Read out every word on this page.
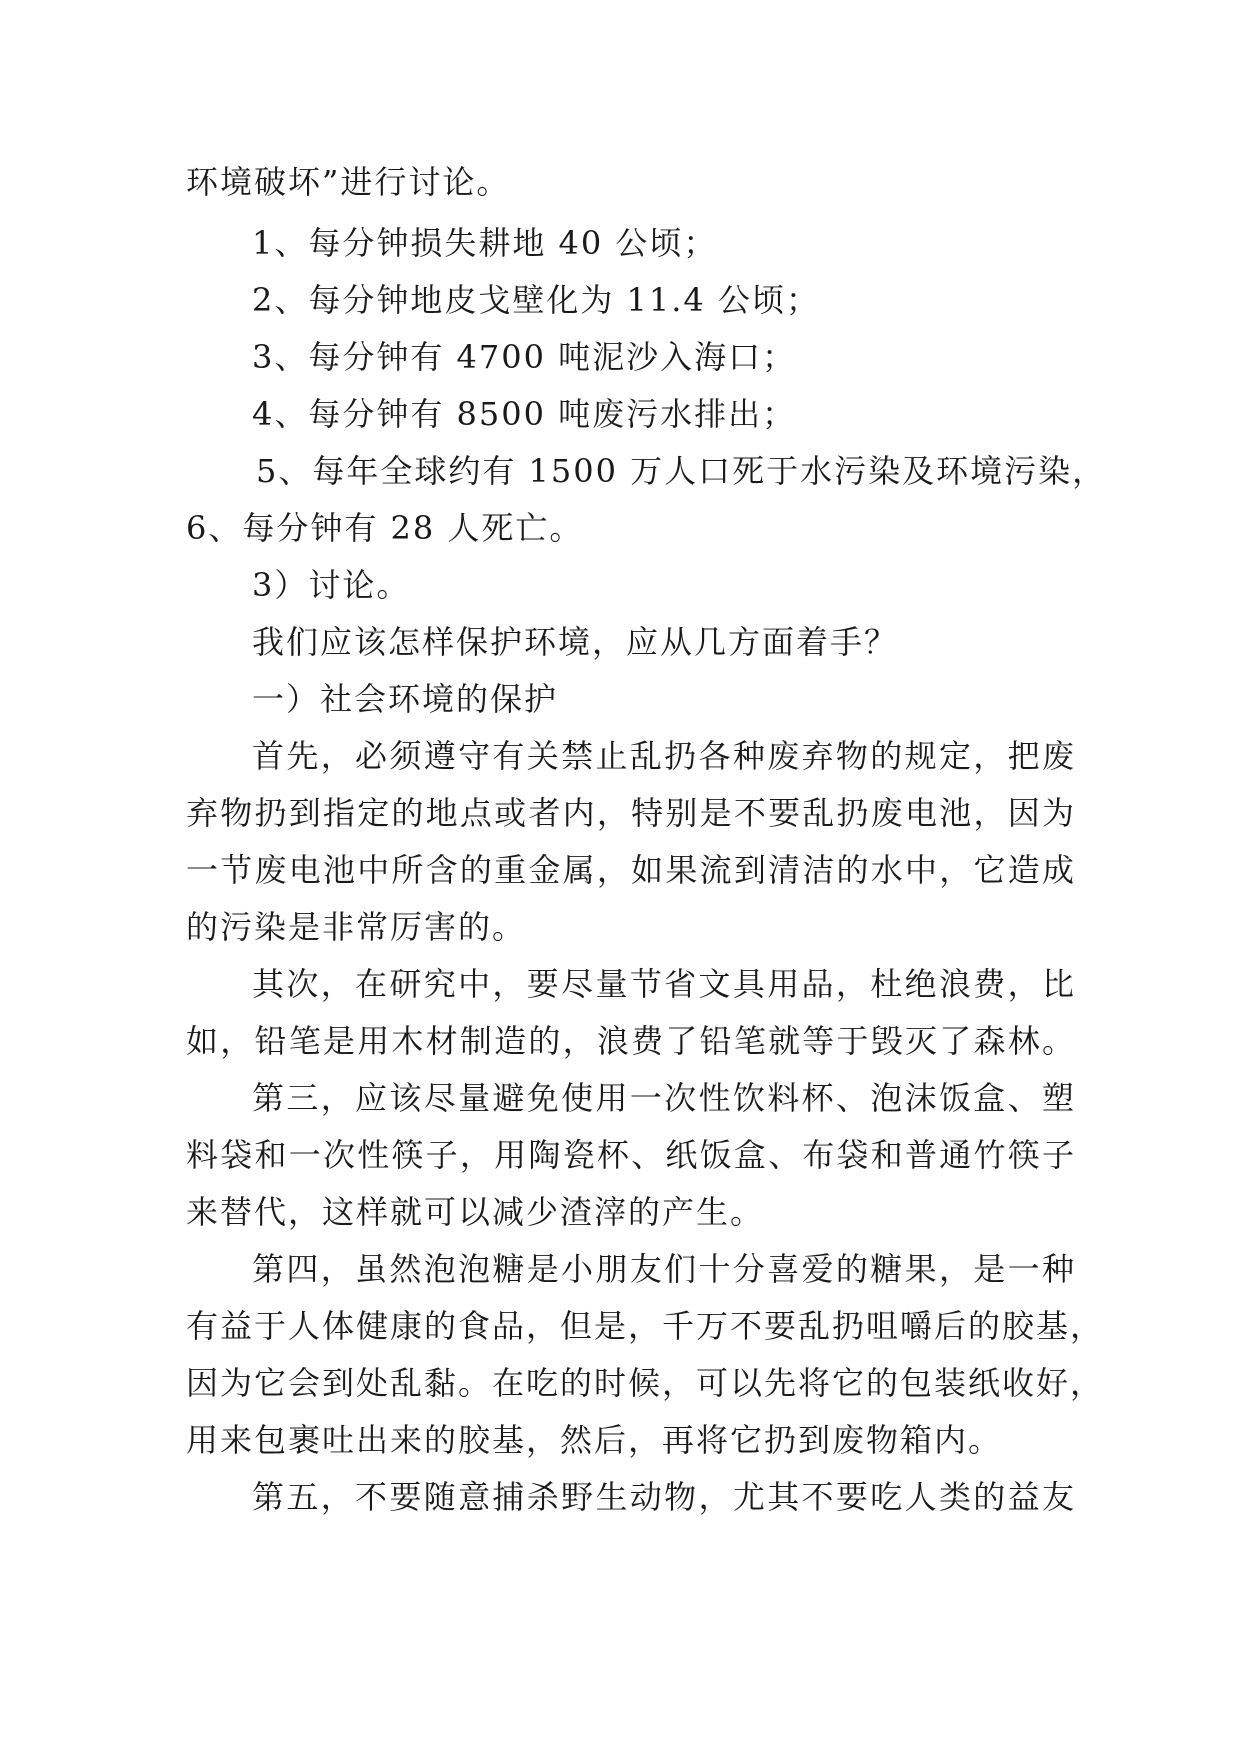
环境破坏”进行讨论。
1、每分钟损失耕地 40 公顷；
2、每分钟地皮戈壁化为 11.4 公顷；
3、每分钟有 4700 吨泥沙入海口；
4、每分钟有 8500 吨废污水排出；
5、每年全球约有 1500 万人口死于水污染及环境污染，
6、每分钟有 28 人死亡。
3）讨论。
我们应该怎样保护环境，应从几方面着手？
一）社会环境的保护
首先，必须遵守有关禁止乱扔各种废弃物的规定，把废
弃物扔到指定的地点或者内，特别是不要乱扔废电池，因为
一节废电池中所含的重金属，如果流到清洁的水中，它造成
的污染是非常厉害的。
其次，在研究中，要尽量节省文具用品，杜绝浪费，比
如，铅笔是用木材制造的，浪费了铅笔就等于毁灭了森林。
第三，应该尽量避免使用一次性饮料杯、泡沫饭盒、塑
料袋和一次性筷子，用陶瓷杯、纸饭盒、布袋和普通竹筷子
来替代，这样就可以减少渣滓的产生。
第四，虽然泡泡糖是小朋友们十分喜爱的糖果，是一种
有益于人体健康的食品，但是，千万不要乱扔咀嚼后的胶基，
因为它会到处乱黏。在吃的时候，可以先将它的包装纸收好，
用来包裹吐出来的胶基，然后，再将它扔到废物箱内。
第五，不要随意捕杀野生动物，尤其不要吃人类的益友
